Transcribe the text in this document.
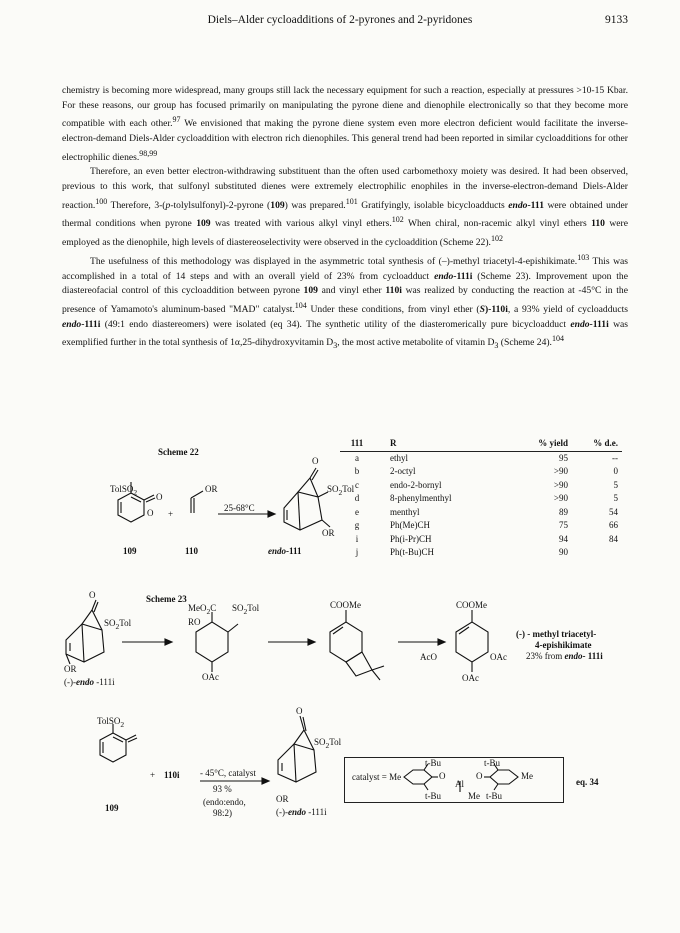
Diels–Alder cycloadditions of 2-pyrones and 2-pyridones	9133

chemistry is becoming more widespread, many groups still lack the necessary equipment for such a reaction, especially at pressures >10-15 Kbar. For these reasons, our group has focused primarily on manipulating the pyrone diene and dienophile electronically so that they become more compatible with each other.$^{97}$ We envisioned that making the pyrone diene system even more electron deficient would facilitate the inverse-electron-demand Diels-Alder cycloaddition with electron rich dienophiles. This general trend had been reported in similar cycloadditions for other electrophilic dienes.$^{98,99}$

Therefore, an even better electron-withdrawing substituent than the often used carbomethoxy moiety was desired. It had been observed, previous to this work, that sulfonyl substituted dienes were extremely electrophilic enophiles in the inverse-electron-demand Diels-Alder reaction.$^{100}$ Therefore, 3-(p-tolylsulfonyl)-2-pyrone (109) was prepared.$^{101}$ Gratifyingly, isolable bicycloadducts endo-111 were obtained under thermal conditions when pyrone 109 was treated with various alkyl vinyl ethers.$^{102}$ When chiral, non-racemic alkyl vinyl ethers 110 were employed as the dienophile, high levels of diastereoselectivity were observed in the cycloaddition (Scheme 22).$^{102}$

The usefulness of this methodology was displayed in the asymmetric total synthesis of (–)-methyl triacetyl-4-epishikimate.$^{103}$ This was accomplished in a total of 14 steps and with an overall yield of 23% from cycloadduct endo-111i (Scheme 23). Improvement upon the diastereofacial control of this cycloaddition between pyrone 109 and vinyl ether 110i was realized by conducting the reaction at -45°C in the presence of Yamamoto's aluminum-based "MAD" catalyst.$^{104}$ Under these conditions, from vinyl ether (S)-110i, a 93% yield of cycloadducts endo-111i (49:1 endo diastereomers) were isolated (eq 34). The synthetic utility of the diasteromerically pure bicycloadduct endo-111i was exemplified further in the total synthesis of 1α,25-dihydroxyvitamin $D_3$, the most active metabolite of vitamin $D_3$ (Scheme 24).$^{104}$

Scheme 22
TolSO$_2$ O
O +
OR
25-68°C
O
$SO_2Tol$
OR
109	110	endo-111
111	R	% yield	% d.e.
a	ethyl	95	--
b	2-octyl	>90	0
c	endo-2-bornyl	>90	5
d	8-phenylmenthyl	>90	5
e	menthyl	89	54
g	Ph(Me)CH	75	66
i	Ph(i-Pr)CH	94	84
j	Ph(t-Bu)CH	90	
Scheme 23
O
$SO_2Tol$
OR
(-)-endo -111i
MeO$_2$C $SO_2Tol$
RO
OAc
COOMe	COOMe
AcO	OAc
OAc
(-) - methyl triacetyl-
4-epishikimate
23% from endo- 111i
TolSO$_2$
+ 110i - 45°C, catalyst
93 %
(endo:endo,
98:2)
109
O
$SO_2Tol$
OR
(-)-endo -111i
catalyst = Me
t-Bu	t-Bu
t-Bu	t-Bu
Me
Me
Al
O	O
eq. 34
